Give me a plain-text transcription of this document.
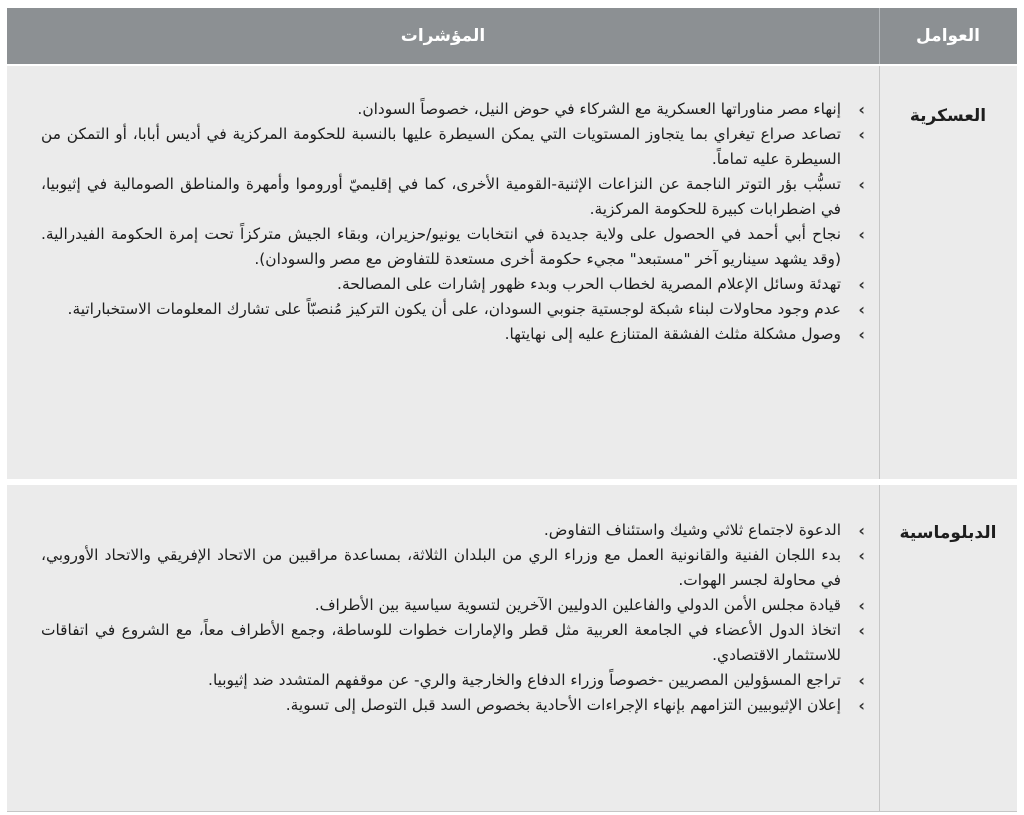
العوامل
المؤشرات
العسكرية
›
إنهاء مصر مناوراتها العسكرية مع الشركاء في حوض النيل، خصوصاً السودان.
›
تصاعد صراع تيغراي بما يتجاوز المستويات التي يمكن السيطرة عليها بالنسبة للحكومة المركزية في أديس أبابا، أو التمكن من السيطرة عليه تماماً.
›
تسبُّب بؤر التوتر الناجمة عن النزاعات الإثنية-القومية الأخرى، كما في إقليميّ أوروموا وأمهرة والمناطق الصومالية في إثيوبيا، في اضطرابات كبيرة للحكومة المركزية.
›
نجاح أبي أحمد في الحصول على ولاية جديدة في انتخابات يونيو/حزيران، وبقاء الجيش متركزاً تحت إمرة الحكومة الفيدرالية. (وقد يشهد سيناريو آخر "مستبعد" مجيء حكومة أخرى مستعدة للتفاوض مع مصر والسودان).
›
تهدئة وسائل الإعلام المصرية لخطاب الحرب وبدء ظهور إشارات على المصالحة.
›
عدم وجود محاولات لبناء شبكة لوجستية جنوبي السودان، على أن يكون التركيز مُنصبّاً على تشارك المعلومات الاستخباراتية.
›
وصول مشكلة مثلث الفشقة المتنازع عليه إلى نهايتها.
الدبلوماسية
›
الدعوة لاجتماع ثلاثي وشيك واستئناف التفاوض.
›
بدء اللجان الفنية والقانونية العمل مع وزراء الري من البلدان الثلاثة، بمساعدة مراقبين من الاتحاد الإفريقي والاتحاد الأوروبي، في محاولة لجسر الهوات.
›
قيادة مجلس الأمن الدولي والفاعلين الدوليين الآخرين لتسوية سياسية بين الأطراف.
›
اتخاذ الدول الأعضاء في الجامعة العربية مثل قطر والإمارات خطوات للوساطة، وجمع الأطراف معاً، مع الشروع في اتفاقات للاستثمار الاقتصادي.
›
تراجع المسؤولين المصريين -خصوصاً وزراء الدفاع والخارجية والري- عن موقفهم المتشدد ضد إثيوبيا.
›
إعلان الإثيوبيين التزامهم بإنهاء الإجراءات الأحادية بخصوص السد قبل التوصل إلى تسوية.
